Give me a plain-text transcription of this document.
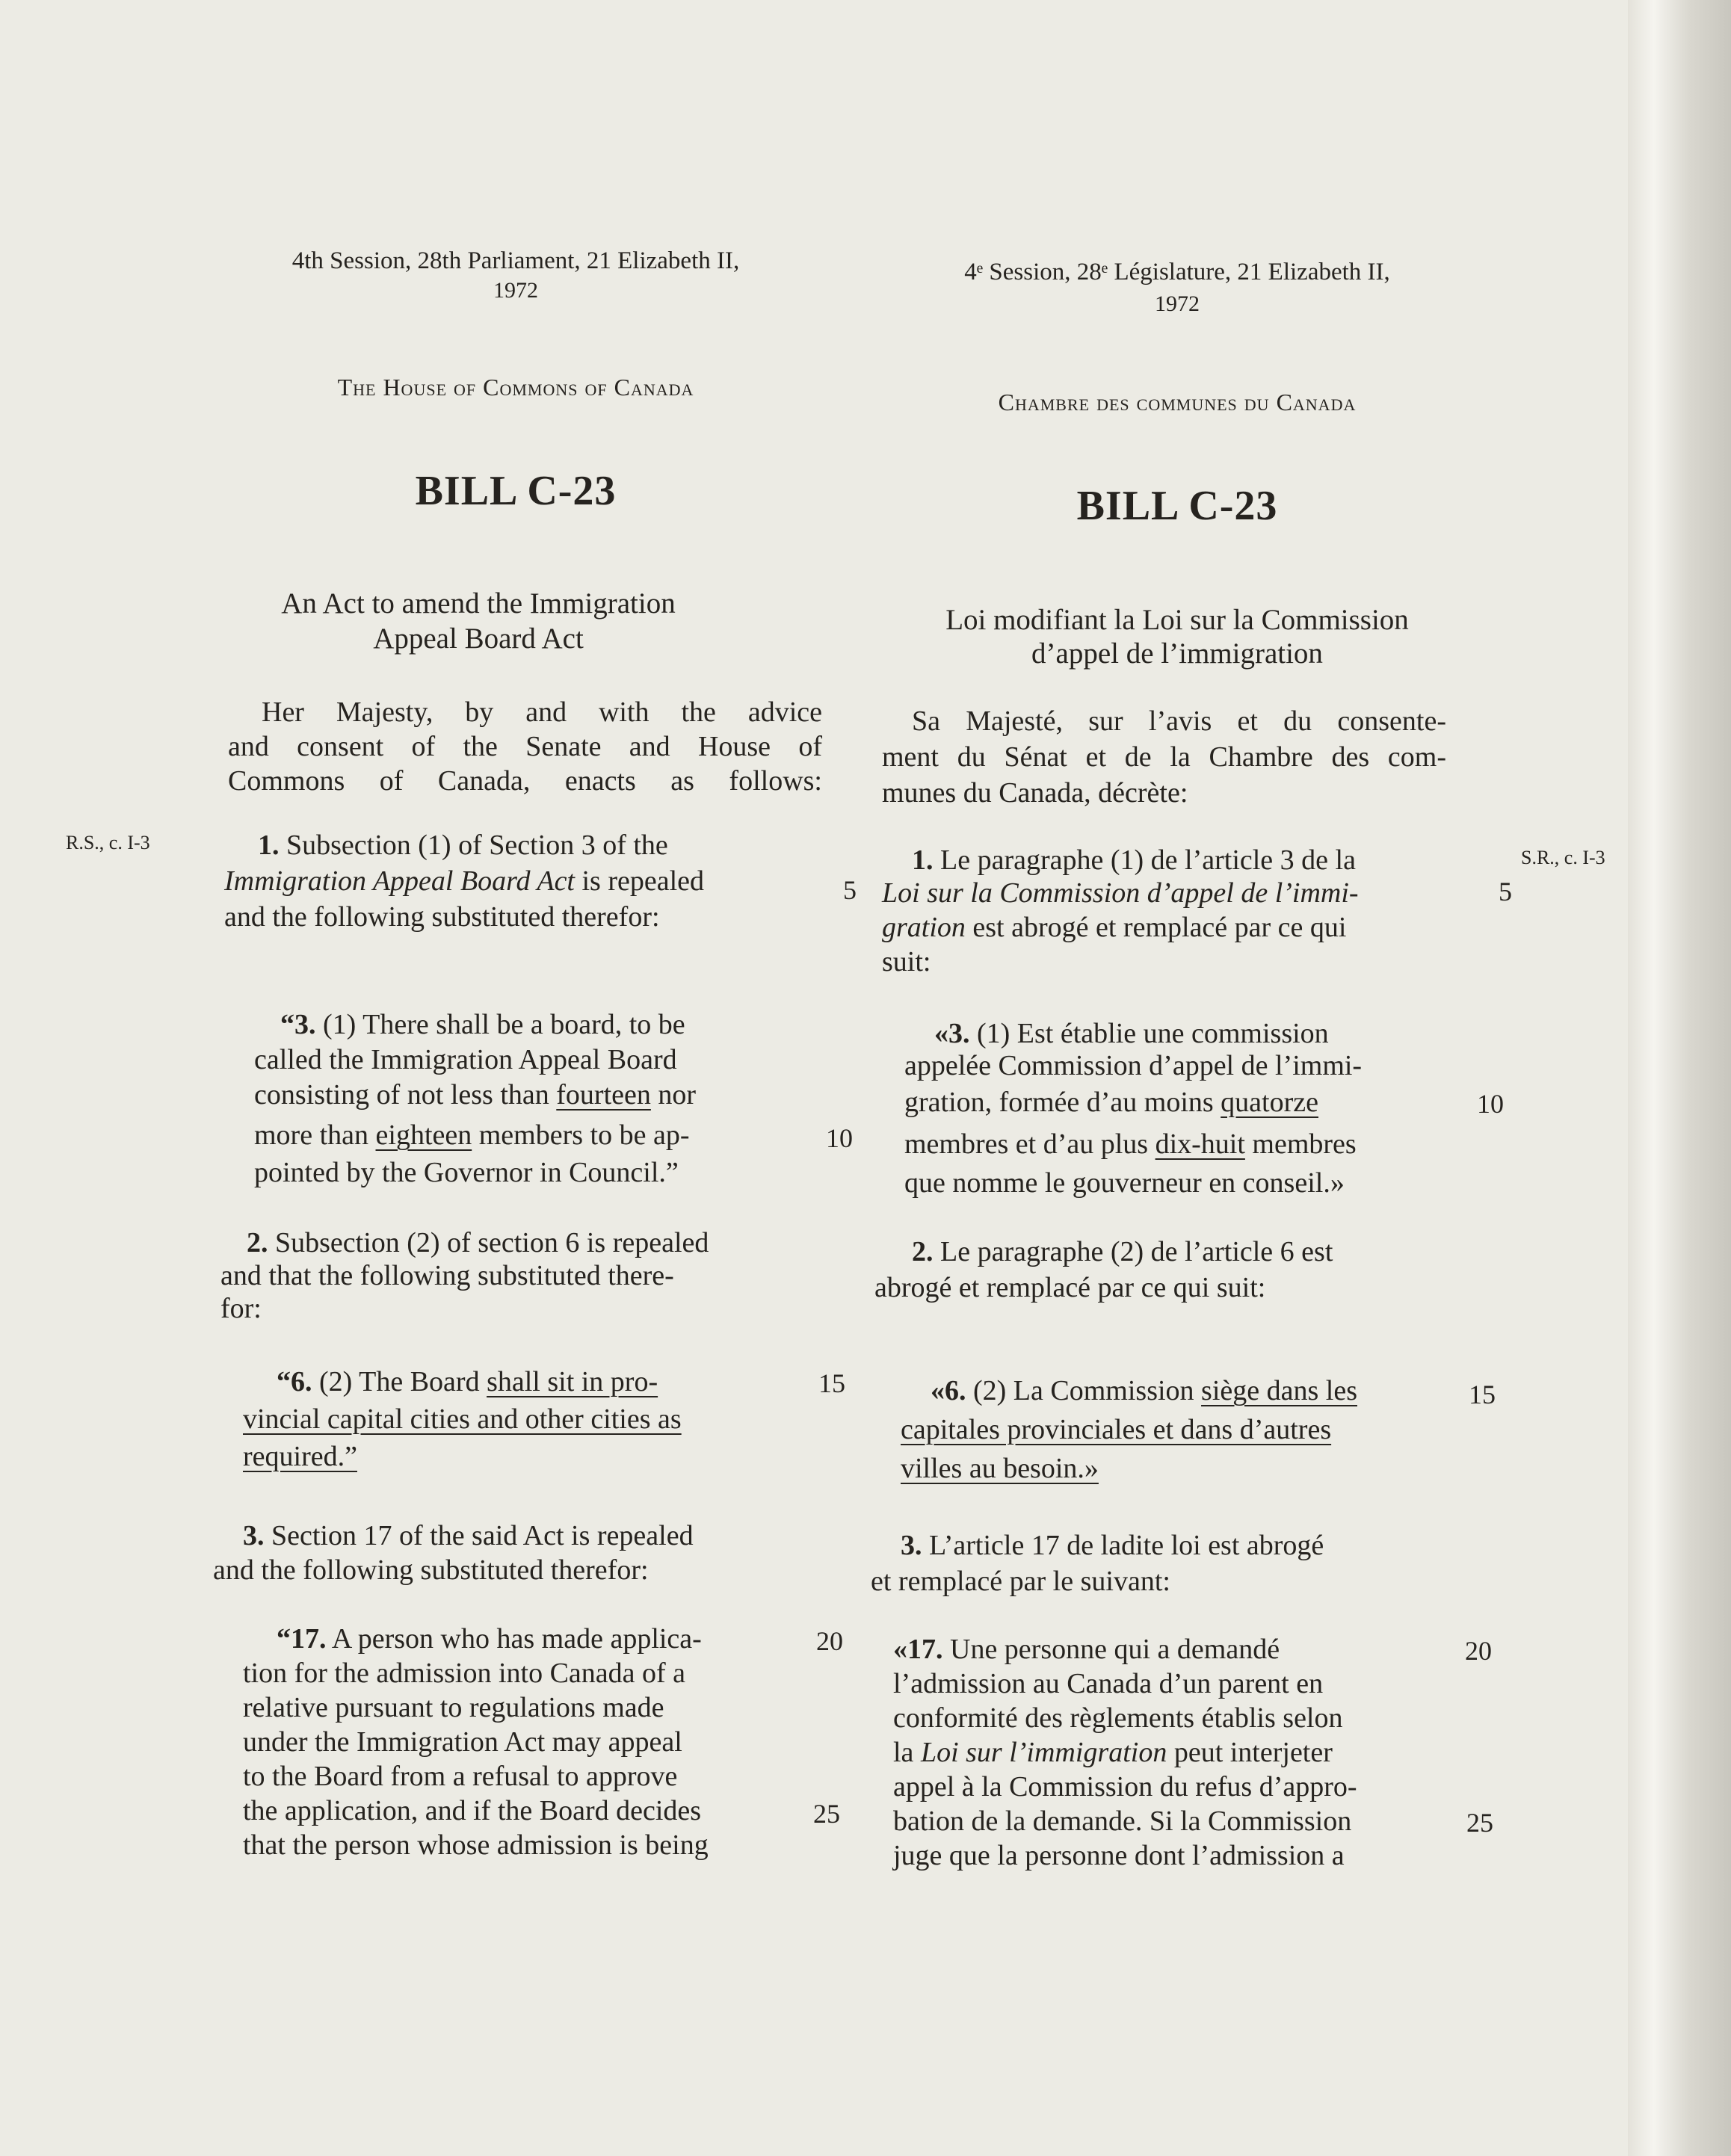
4th Session, 28th Parliament, 21 Elizabeth II,
1972
The House of Commons of Canada
BILL C-23
An Act to amend the Immigration
Appeal Board Act
Her Majesty, by and with the advice
and consent of the Senate and House of
Commons of Canada, enacts as follows:
1. Subsection (1) of Section 3 of the
Immigration Appeal Board Act is repealed
and the following substituted therefor:
“3. (1) There shall be a board, to be
called the Immigration Appeal Board
consisting of not less than fourteen nor
more than eighteen members to be ap-
pointed by the Governor in Council.”
2. Subsection (2) of section 6 is repealed
and that the following substituted there-
for:
“6. (2) The Board shall sit in pro-
vincial capital cities and other cities as
required.”
3. Section 17 of the said Act is repealed
and the following substituted therefor:
“17. A person who has made applica-
tion for the admission into Canada of a
relative pursuant to regulations made
under the Immigration Act may appeal
to the Board from a refusal to approve
the application, and if the Board decides
that the person whose admission is being
R.S., c. I-3
5
10
15
20
25
4ᵉ Session, 28ᵉ Législature, 21 Elizabeth II,
1972
Chambre des communes du Canada
BILL C-23
Loi modifiant la Loi sur la Commission
d’appel de l’immigration
Sa Majesté, sur l’avis et du consente-
ment du Sénat et de la Chambre des com-
munes du Canada, décrète:
1. Le paragraphe (1) de l’article 3 de la
Loi sur la Commission d’appel de l’immi-
gration est abrogé et remplacé par ce qui
suit:
«3. (1) Est établie une commission
appelée Commission d’appel de l’immi-
gration, formée d’au moins quatorze
membres et d’au plus dix-huit membres
que nomme le gouverneur en conseil.»
2. Le paragraphe (2) de l’article 6 est
abrogé et remplacé par ce qui suit:
«6. (2) La Commission siège dans les
capitales provinciales et dans d’autres
villes au besoin.»
3. L’article 17 de ladite loi est abrogé
et remplacé par le suivant:
«17. Une personne qui a demandé
l’admission au Canada d’un parent en
conformité des règlements établis selon
la Loi sur l’immigration peut interjeter
appel à la Commission du refus d’appro-
bation de la demande. Si la Commission
juge que la personne dont l’admission a
5
10
15
20
25
S.R., c. I-3
